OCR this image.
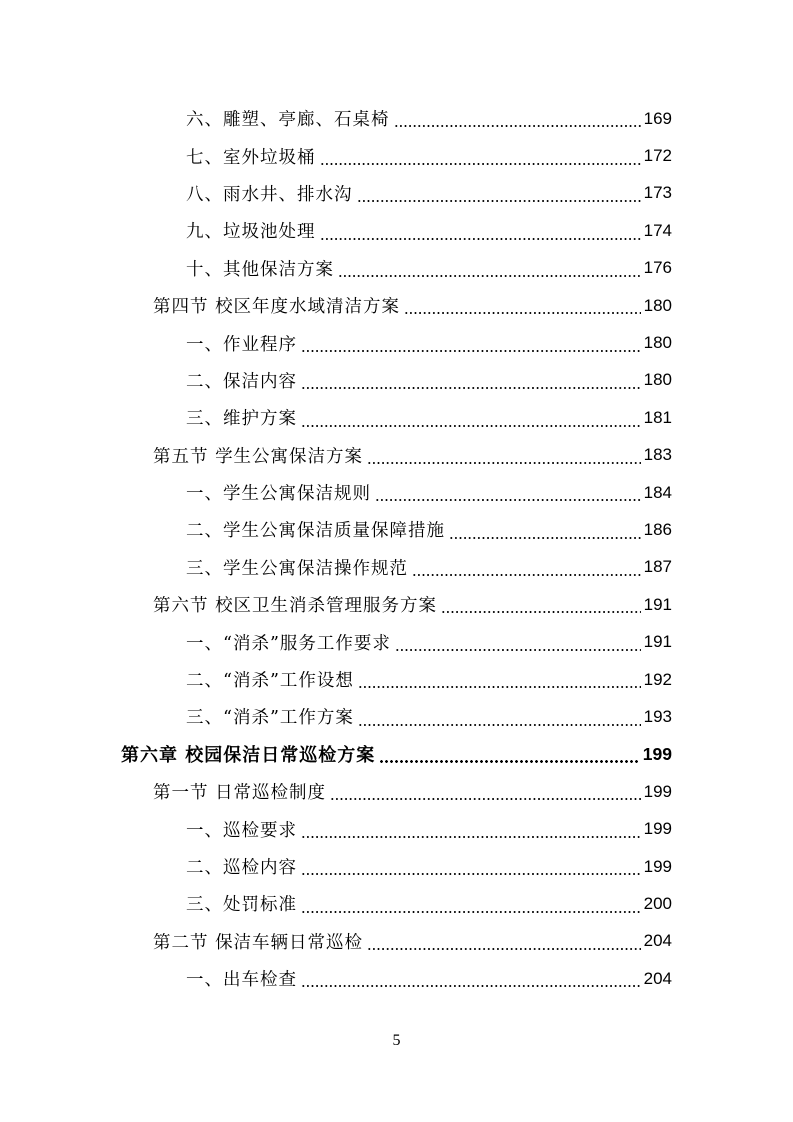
六、雕塑、亭廊、石桌椅	169
七、室外垃圾桶	172
八、雨水井、排水沟	173
九、垃圾池处理	174
十、其他保洁方案	176
第四节 校区年度水域清洁方案	180
一、作业程序	180
二、保洁内容	180
三、维护方案	181
第五节 学生公寓保洁方案	183
一、学生公寓保洁规则	184
二、学生公寓保洁质量保障措施	186
三、学生公寓保洁操作规范	187
第六节 校区卫生消杀管理服务方案	191
一、“消杀”服务工作要求	191
二、“消杀”工作设想	192
三、“消杀”工作方案	193
第六章 校园保洁日常巡检方案	199
第一节 日常巡检制度	199
一、巡检要求	199
二、巡检内容	199
三、处罚标准	200
第二节 保洁车辆日常巡检	204
一、出车检查	204
5
